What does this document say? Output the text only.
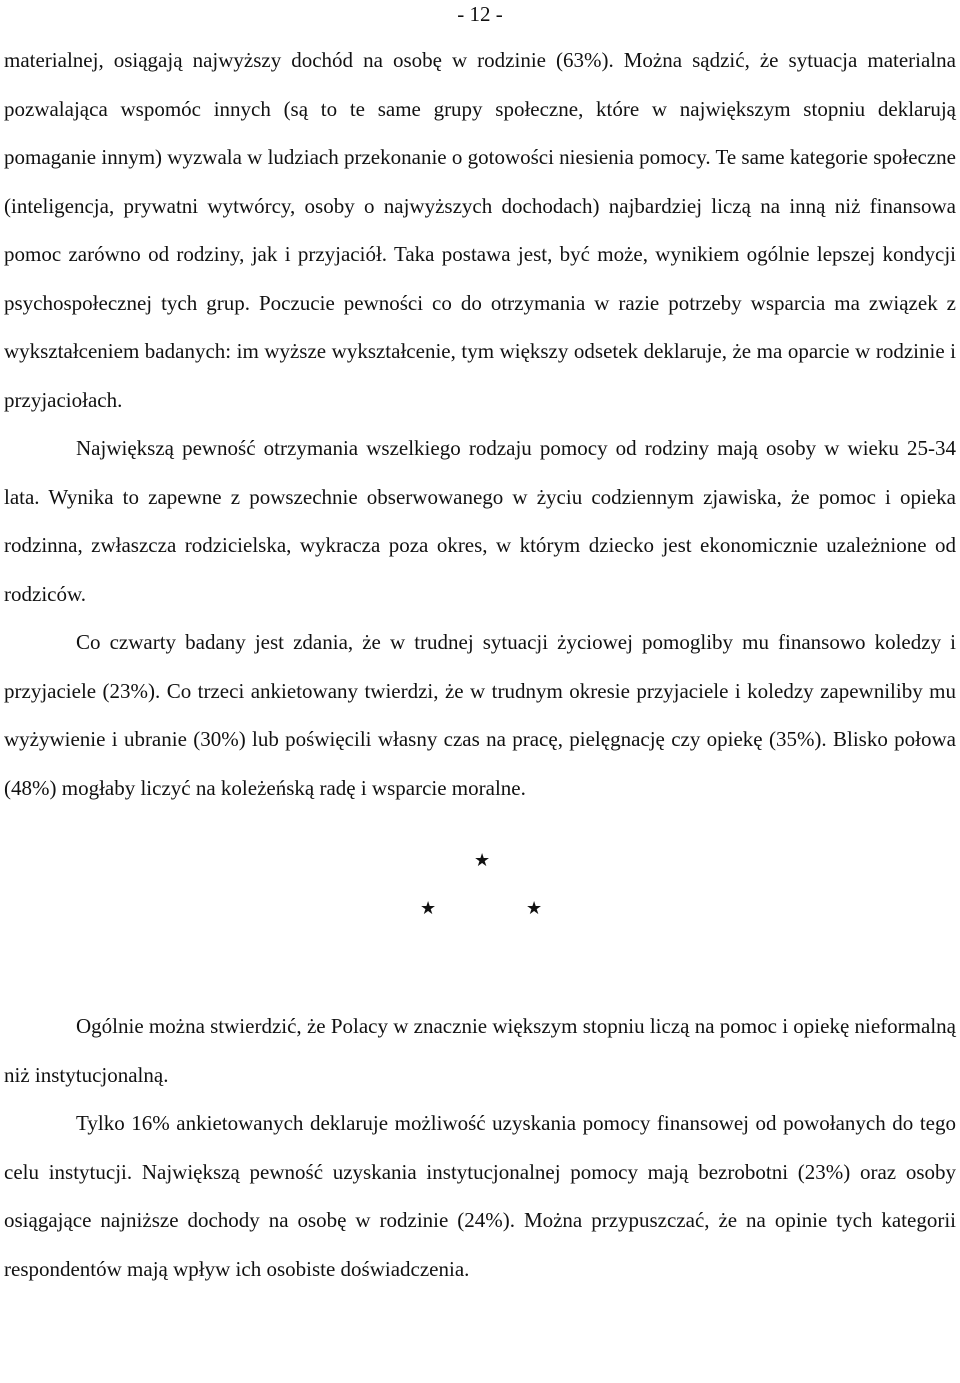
- 12 -

materialnej, osiągają najwyższy dochód na osobę w rodzinie (63%). Można sądzić, że sytuacja materialna pozwalająca wspomóc innych (są to te same grupy społeczne, które w największym stopniu deklarują pomaganie innym) wyzwala w ludziach przekonanie o gotowości niesienia pomocy. Te same kategorie społeczne (inteligencja, prywatni wytwórcy, osoby o najwyższych dochodach) najbardziej liczą na inną niż finansowa pomoc zarówno od rodziny, jak i przyjaciół. Taka postawa jest, być może, wynikiem ogólnie lepszej kondycji psychospołecznej tych grup. Poczucie pewności co do otrzymania w razie potrzeby wsparcia ma związek z wykształceniem badanych: im wyższe wykształcenie, tym większy odsetek deklaruje, że ma oparcie w rodzinie i przyjaciołach.

Największą pewność otrzymania wszelkiego rodzaju pomocy od rodziny mają osoby w wieku 25-34 lata. Wynika to zapewne z powszechnie obserwowanego w życiu codziennym zjawiska, że pomoc i opieka rodzinna, zwłaszcza rodzicielska, wykracza poza okres, w którym dziecko jest ekonomicznie uzależnione od rodziców.

Co czwarty badany jest zdania, że w trudnej sytuacji życiowej pomogliby mu finansowo koledzy i przyjaciele (23%). Co trzeci ankietowany twierdzi, że w trudnym okresie przyjaciele i koledzy zapewniliby mu wyżywienie i ubranie (30%) lub poświęcili własny czas na pracę, pielęgnację czy opiekę (35%). Blisko połowa (48%) mogłaby liczyć na koleżeńską radę i wsparcie moralne.

★
★	★

Ogólnie można stwierdzić, że Polacy w znacznie większym stopniu liczą na pomoc i opiekę nieformalną niż instytucjonalną.

Tylko 16% ankietowanych deklaruje możliwość uzyskania pomocy finansowej od powołanych do tego celu instytucji. Największą pewność uzyskania instytucjonalnej pomocy mają bezrobotni (23%) oraz osoby osiągające najniższe dochody na osobę w rodzinie (24%). Można przypuszczać, że na opinie tych kategorii respondentów mają wpływ ich osobiste doświadczenia.
